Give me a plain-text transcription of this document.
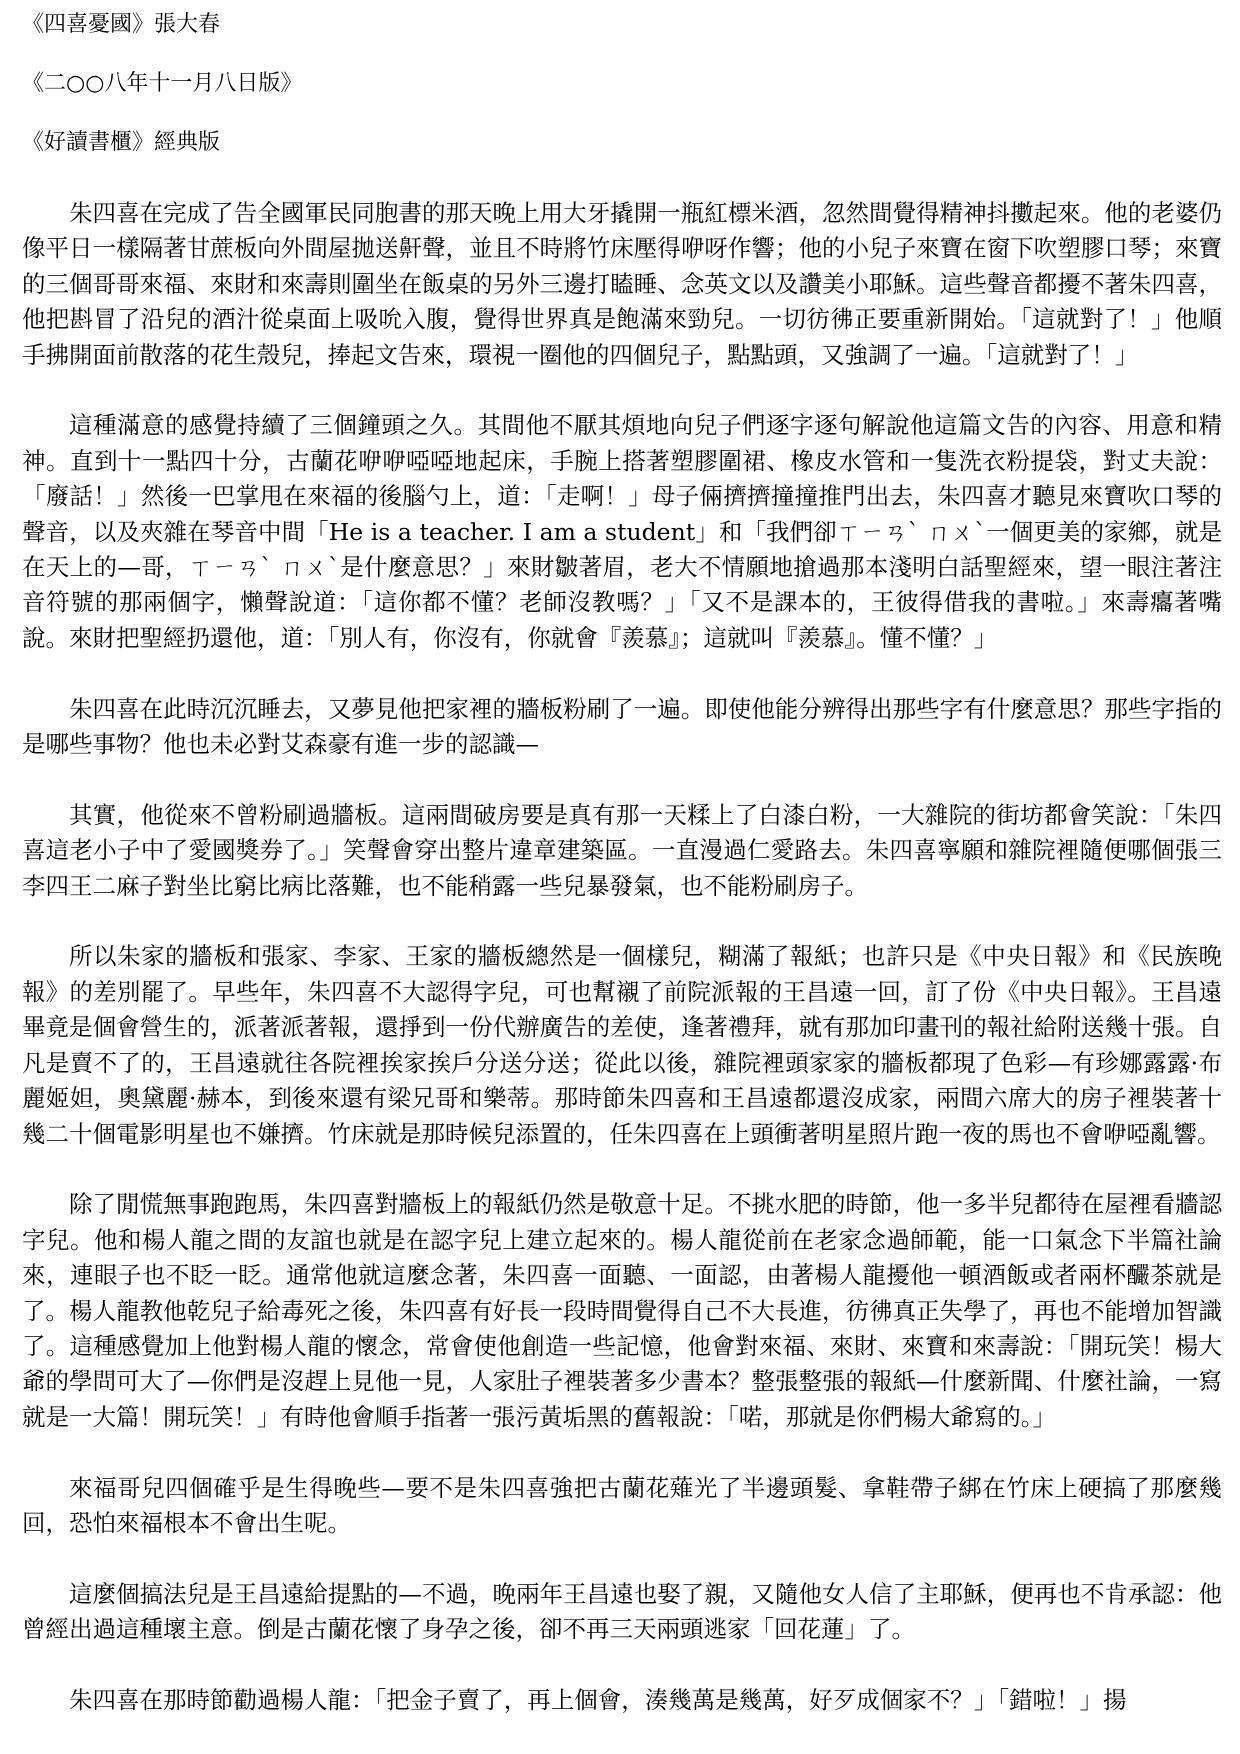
《四喜憂國》張大春
《二○○八年十一月八日版》
《好讀書櫃》經典版

朱四喜在完成了告全國軍民同胞書的那天晚上用大牙撬開一瓶紅標米酒，忽然間覺得精神抖擻起來。他的老婆仍像平日一樣隔著甘蔗板向外間屋拋送鼾聲，並且不時將竹床壓得咿呀作響；他的小兒子來寶在窗下吹塑膠口琴；來寶的三個哥哥來福、來財和來壽則圍坐在飯桌的另外三邊打瞌睡、念英文以及讚美小耶穌。這些聲音都擾不著朱四喜，他把斟冒了沿兒的酒汁從桌面上吸吮入腹，覺得世界真是飽滿來勁兒。一切彷彿正要重新開始。「這就對了！」他順手拂開面前散落的花生殼兒，捧起文告來，環視一圈他的四個兒子，點點頭，又強調了一遍。「這就對了！」

這種滿意的感覺持續了三個鐘頭之久。其間他不厭其煩地向兒子們逐字逐句解說他這篇文告的內容、用意和精神。直到十一點四十分，古蘭花咿咿啞啞地起床，手腕上搭著塑膠圍裙、橡皮水管和一隻洗衣粉提袋，對丈夫說：「廢話！」然後一巴掌甩在來福的後腦勺上，道：「走啊！」母子倆擠擠撞撞推門出去，朱四喜才聽見來寶吹口琴的聲音，以及夾雜在琴音中間「He is a teacher. I am a student」和「我們卻ㄒㄧㄢˋ ㄇㄨˋ一個更美的家鄉，就是在天上的—哥，ㄒㄧㄢˋ ㄇㄨˋ是什麼意思？」來財皺著眉，老大不情願地搶過那本淺明白話聖經來，望一眼注著注音符號的那兩個字，懶聲說道：「這你都不懂？老師沒教嗎？」「又不是課本的，王彼得借我的書啦。」來壽癟著嘴說。來財把聖經扔還他，道：「別人有，你沒有，你就會『羨慕』；這就叫『羨慕』。懂不懂？」

朱四喜在此時沉沉睡去，又夢見他把家裡的牆板粉刷了一遍。即使他能分辨得出那些字有什麼意思？那些字指的是哪些事物？他也未必對艾森豪有進一步的認識—

其實，他從來不曾粉刷過牆板。這兩間破房要是真有那一天糅上了白漆白粉，一大雜院的街坊都會笑說：「朱四喜這老小子中了愛國獎券了。」笑聲會穿出整片違章建築區。一直漫過仁愛路去。朱四喜寧願和雜院裡隨便哪個張三李四王二麻子對坐比窮比病比落難，也不能稍露一些兒暴發氣，也不能粉刷房子。

所以朱家的牆板和張家、李家、王家的牆板總然是一個樣兒，糊滿了報紙；也許只是《中央日報》和《民族晚報》的差別罷了。早些年，朱四喜不大認得字兒，可也幫襯了前院派報的王昌遠一回，訂了份《中央日報》。王昌遠畢竟是個會營生的，派著派著報，還掙到一份代辦廣告的差使，逢著禮拜，就有那加印畫刊的報社給附送幾十張。自凡是賣不了的，王昌遠就往各院裡挨家挨戶分送分送；從此以後，雜院裡頭家家的牆板都現了色彩—有珍娜露露·布麗姬妲，奧黛麗·赫本，到後來還有梁兄哥和樂蒂。那時節朱四喜和王昌遠都還沒成家，兩間六席大的房子裡裝著十幾二十個電影明星也不嫌擠。竹床就是那時候兒添置的，任朱四喜在上頭衝著明星照片跑一夜的馬也不會咿啞亂響。

除了閒慌無事跑跑馬，朱四喜對牆板上的報紙仍然是敬意十足。不挑水肥的時節，他一多半兒都待在屋裡看牆認字兒。他和楊人龍之間的友誼也就是在認字兒上建立起來的。楊人龍從前在老家念過師範，能一口氣念下半篇社論來，連眼子也不眨一眨。通常他就這麼念著，朱四喜一面聽、一面認，由著楊人龍擾他一頓酒飯或者兩杯釅茶就是了。楊人龍教他乾兒子給毒死之後，朱四喜有好長一段時間覺得自己不大長進，彷彿真正失學了，再也不能增加智識了。這種感覺加上他對楊人龍的懷念，常會使他創造一些記憶，他會對來福、來財、來寶和來壽說：「開玩笑！楊大爺的學問可大了—你們是沒趕上見他一見，人家肚子裡裝著多少書本？整張整張的報紙—什麼新聞、什麼社論，一寫就是一大篇！開玩笑！」有時他會順手指著一張污黃垢黑的舊報說：「喏，那就是你們楊大爺寫的。」

來福哥兒四個確乎是生得晚些—要不是朱四喜強把古蘭花薙光了半邊頭髮、拿鞋帶子綁在竹床上硬搞了那麼幾回，恐怕來福根本不會出生呢。

這麼個搞法兒是王昌遠給提點的—不過，晚兩年王昌遠也娶了親，又隨他女人信了主耶穌，便再也不肯承認：他曾經出過這種壞主意。倒是古蘭花懷了身孕之後，卻不再三天兩頭逃家「回花蓮」了。

朱四喜在那時節勸過楊人龍：「把金子賣了，再上個會，湊幾萬是幾萬，好歹成個家不？」「錯啦！」揚
